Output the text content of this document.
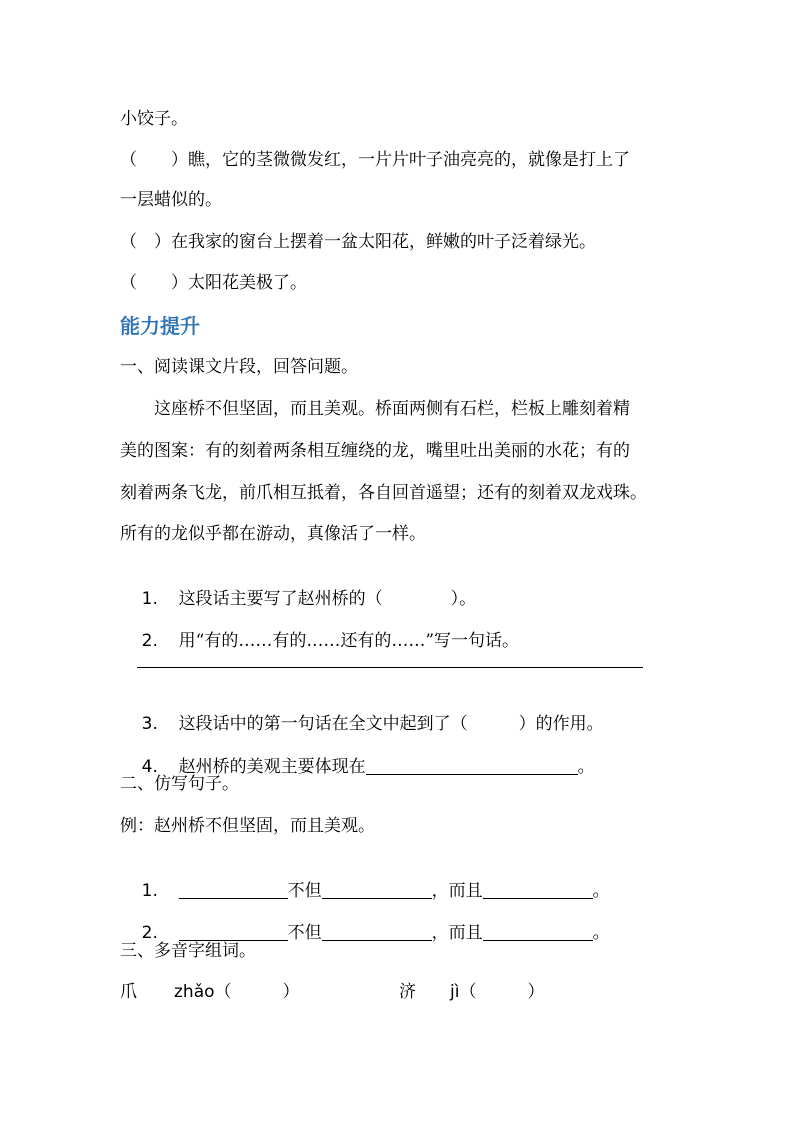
小饺子。
（　　）瞧，它的茎微微发红，一片片叶子油亮亮的，就像是打上了
一层蜡似的。
（　）在我家的窗台上摆着一盆太阳花，鲜嫩的叶子泛着绿光。
（　　）太阳花美极了。
能力提升
一、阅读课文片段，回答问题。
　　这座桥不但坚固，而且美观。桥面两侧有石栏，栏板上雕刻着精
美的图案：有的刻着两条相互缠绕的龙，嘴里吐出美丽的水花；有的
刻着两条飞龙，前爪相互抵着，各自回首遥望；还有的刻着双龙戏珠。
所有的龙似乎都在游动，真像活了一样。

1. 这段话主要写了赵州桥的（　　　　）。

2. 用“有的……有的……还有的……”写一句话。

3. 这段话中的第一句话在全文中起到了（　　　）的作用。

4. 赵州桥的美观主要体现在	。

二、仿写句子。
例：赵州桥不但坚固，而且美观。

1.	不但	，而且	。

2.	不但	，而且	。

三、多音字组词。
爪 zhǎo（　　　）	济 jì（　　　）
